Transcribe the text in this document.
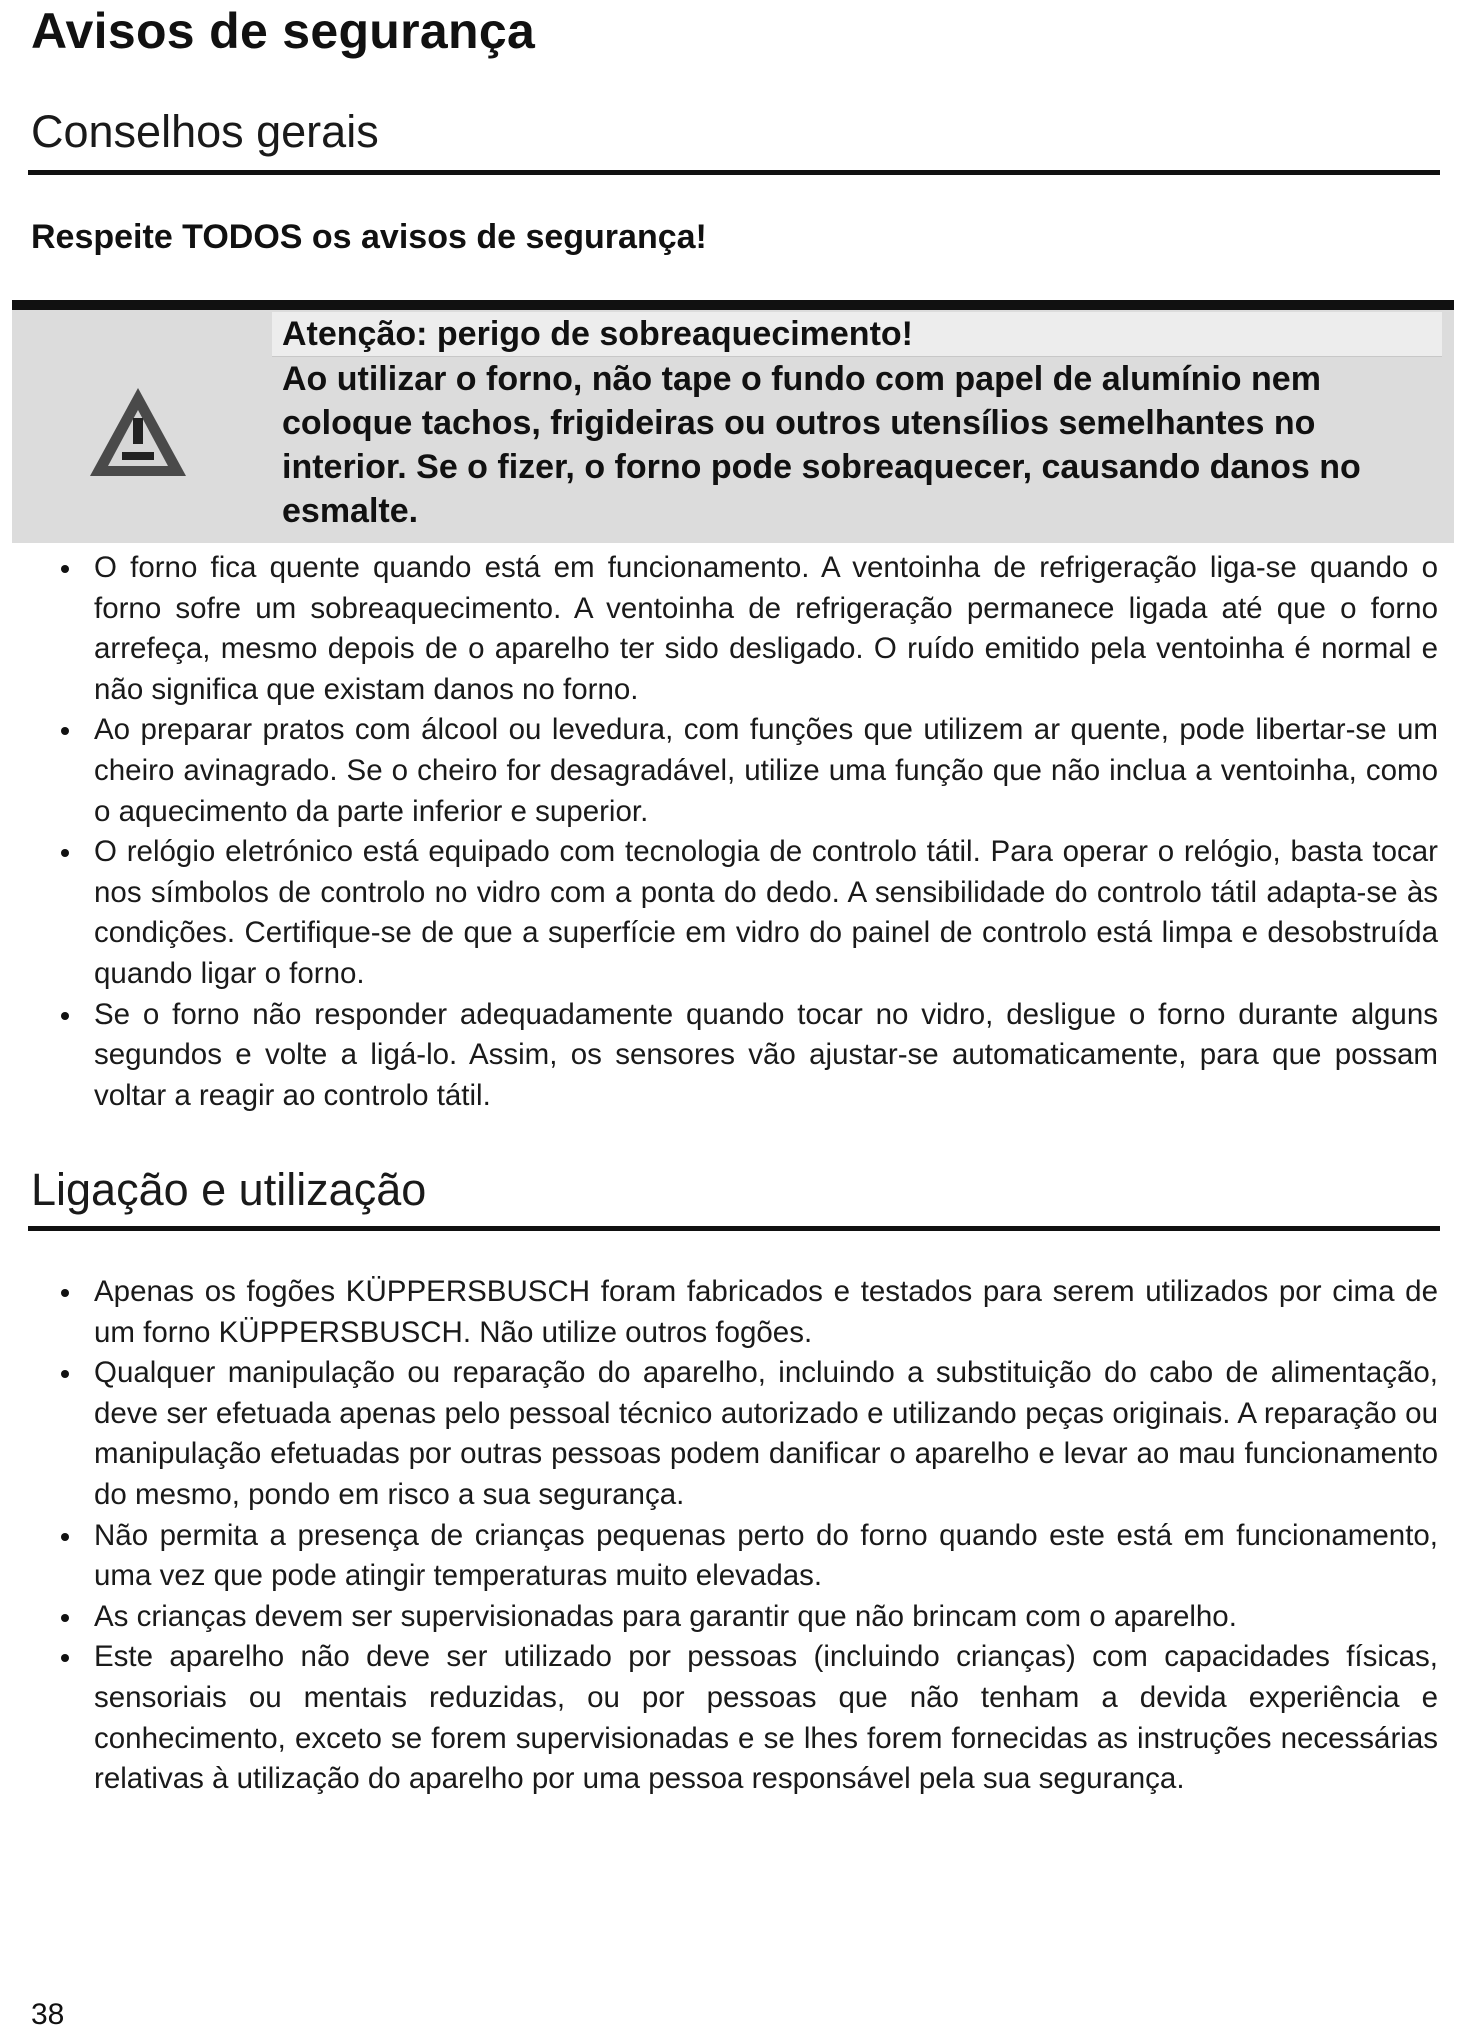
Avisos de segurança
Conselhos gerais

Respeite TODOS os avisos de segurança!

Atenção: perigo de sobreaquecimento!
Ao utilizar o forno, não tape o fundo com papel de alumínio nem coloque tachos, frigideiras ou outros utensílios semelhantes no interior. Se o fizer, o forno pode sobreaquecer, causando danos no esmalte.
O forno fica quente quando está em funcionamento. A ventoinha de refrigeração liga-se quando o forno sofre um sobreaquecimento. A ventoinha de refrigeração permanece ligada até que o forno arrefeça, mesmo depois de o aparelho ter sido desligado. O ruído emitido pela ventoinha é normal e não significa que existam danos no forno.
Ao preparar pratos com álcool ou levedura, com funções que utilizem ar quente, pode libertar-se um cheiro avinagrado. Se o cheiro for desagradável, utilize uma função que não inclua a ventoinha, como o aquecimento da parte inferior e superior.
O relógio eletrónico está equipado com tecnologia de controlo tátil. Para operar o relógio, basta tocar nos símbolos de controlo no vidro com a ponta do dedo. A sensibilidade do controlo tátil adapta-se às condições. Certifique-se de que a superfície em vidro do painel de controlo está limpa e desobstruída quando ligar o forno.
Se o forno não responder adequadamente quando tocar no vidro, desligue o forno durante alguns segundos e volte a ligá-lo. Assim, os sensores vão ajustar-se automaticamente, para que possam voltar a reagir ao controlo tátil.
Ligação e utilização
Apenas os fogões KÜPPERSBUSCH foram fabricados e testados para serem utilizados por cima de um forno KÜPPERSBUSCH. Não utilize outros fogões.
Qualquer manipulação ou reparação do aparelho, incluindo a substituição do cabo de alimentação, deve ser efetuada apenas pelo pessoal técnico autorizado e utilizando peças originais. A reparação ou manipulação efetuadas por outras pessoas podem danificar o aparelho e levar ao mau funcionamento do mesmo, pondo em risco a sua segurança.
Não permita a presença de crianças pequenas perto do forno quando este está em funcionamento, uma vez que pode atingir temperaturas muito elevadas.
As crianças devem ser supervisionadas para garantir que não brincam com o aparelho.
Este aparelho não deve ser utilizado por pessoas (incluindo crianças) com capacidades físicas, sensoriais ou mentais reduzidas, ou por pessoas que não tenham a devida experiência e conhecimento, exceto se forem supervisionadas e se lhes forem fornecidas as instruções necessárias relativas à utilização do aparelho por uma pessoa responsável pela sua segurança.

38
